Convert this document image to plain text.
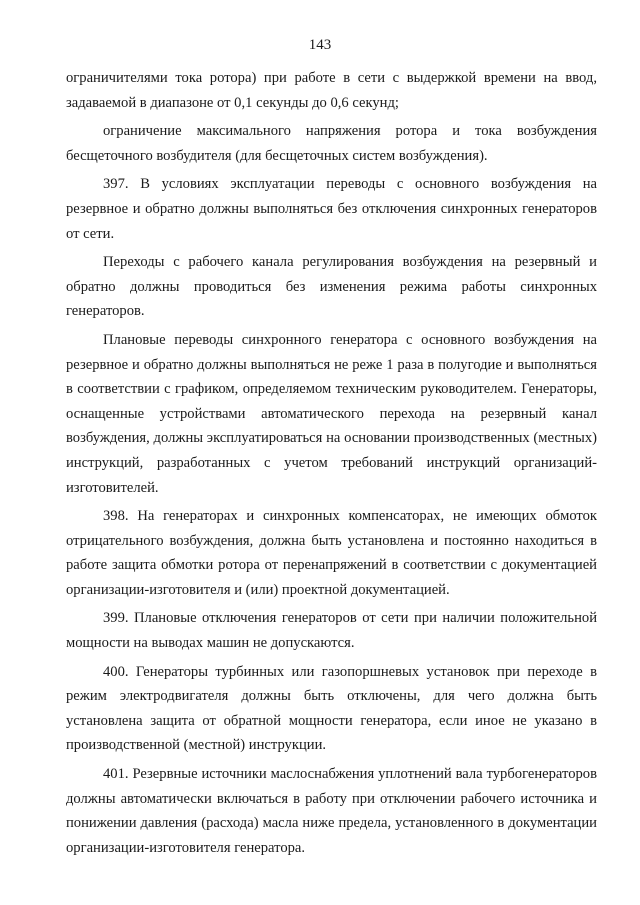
143

ограничителями тока ротора) при работе в сети с выдержкой времени на ввод, задаваемой в диапазоне от 0,1 секунды до 0,6 секунд;

ограничение максимального напряжения ротора и тока возбуждения бесщеточного возбудителя (для бесщеточных систем возбуждения).

397. В условиях эксплуатации переводы с основного возбуждения на резервное и обратно должны выполняться без отключения синхронных генераторов от сети.

Переходы с рабочего канала регулирования возбуждения на резервный и обратно должны проводиться без изменения режима работы синхронных генераторов.

Плановые переводы синхронного генератора с основного возбуждения на резервное и обратно должны выполняться не реже 1 раза в полугодие и выполняться в соответствии с графиком, определяемом техническим руководителем. Генераторы, оснащенные устройствами автоматического перехода на резервный канал возбуждения, должны эксплуатироваться на основании производственных (местных) инструкций, разработанных с учетом требований инструкций организаций-изготовителей.

398. На генераторах и синхронных компенсаторах, не имеющих обмоток отрицательного возбуждения, должна быть установлена и постоянно находиться в работе защита обмотки ротора от перенапряжений в соответствии с документацией организации-изготовителя и (или) проектной документацией.

399. Плановые отключения генераторов от сети при наличии положительной мощности на выводах машин не допускаются.

400. Генераторы турбинных или газопоршневых установок при переходе в режим электродвигателя должны быть отключены, для чего должна быть установлена защита от обратной мощности генератора, если иное не указано в производственной (местной) инструкции.

401. Резервные источники маслоснабжения уплотнений вала турбогенераторов должны автоматически включаться в работу при отключении рабочего источника и понижении давления (расхода) масла ниже предела, установленного в документации организации-изготовителя генератора.
